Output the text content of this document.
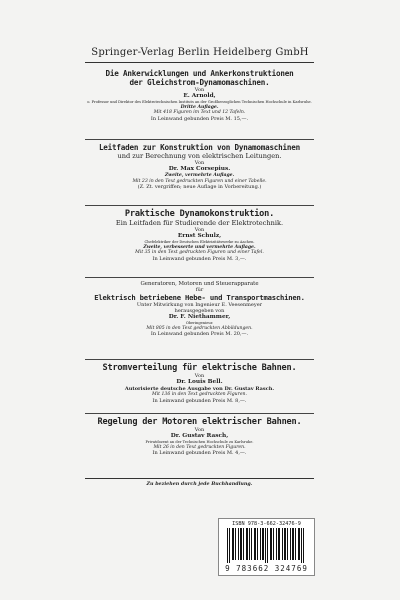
Springer-Verlag Berlin Heidelberg GmbH
Die Ankerwicklungen und Ankerkonstruktionen
der Gleichstrom-Dynamomaschinen.
Von
E. Arnold,
o. Professor und Direktor des Elektrotechnischen Instituts an der Großherzoglichen Technischen Hochschule in Karlsruhe.
Dritte Auflage.
Mit 418 Figuren im Text und 12 Tafeln.
In Leinwand gebunden Preis M. 15,—.
Leitfaden zur Konstruktion von Dynamomaschinen
und zur Berechnung von elektrischen Leitungen.
Von
Dr. Max Corsepius.
Zweite, vermehrte Auflage.
Mit 23 in den Text gedruckten Figuren und einer Tabelle.
(Z. Zt. vergriffen; neue Auflage in Vorbereitung.)
Praktische Dynamokonstruktion.
Ein Leitfaden für Studierende der Elektrotechnik.
Von
Ernst Schulz,
Chefelektriker der Deutschen Elektrizitätswerke zu Aachen.
Zweite, verbesserte und vermehrte Auflage.
Mit 35 in den Text gedruckten Figuren und einer Tafel.
In Leinwand gebunden Preis M. 3,—.
Generatoren, Motoren und Steuerapparate
für
Elektrisch betriebene Hebe- und Transportmaschinen.
Unter Mitwirkung von Ingenieur E. Veesenmeyer
herausgegeben von
Dr. F. Niethammer,
Oberingenieur.
Mit 805 in den Text gedruckten Abbildungen.
In Leinwand gebunden Preis M. 20,—.
Stromverteilung für elektrische Bahnen.
Von
Dr. Louis Bell.
Autorisierte deutsche Ausgabe von Dr. Gustav Rasch.
Mit 136 in den Text gedruckten Figuren.
In Leinwand gebunden Preis M. 8,—.
Regelung der Motoren elektrischer Bahnen.
Von
Dr. Gustav Rasch,
Privatdozent an der Technischen Hochschule zu Karlsruhe.
Mit 26 in den Text gedruckten Figuren.
In Leinwand gebunden Preis M. 4,—.
Zu beziehen durch jede Buchhandlung.
ISBN 978-3-662-32476-9
9 783662 324769
